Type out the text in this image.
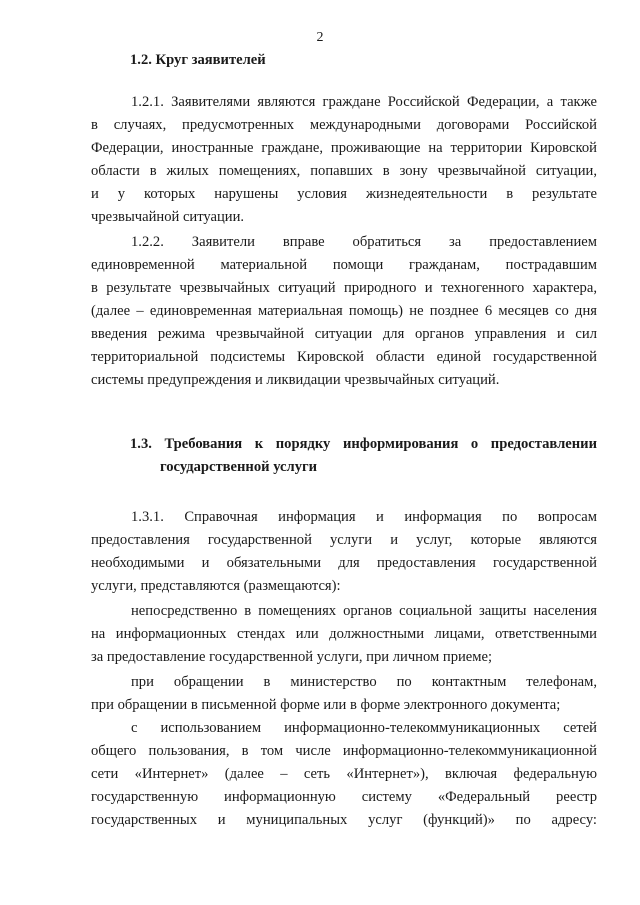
2
1.2. Круг заявителей
1.2.1. Заявителями являются граждане Российской Федерации, а также
в случаях, предусмотренных международными договорами Российской
Федерации, иностранные граждане, проживающие на территории Кировской
области в жилых помещениях, попавших в зону чрезвычайной ситуации,
и у которых нарушены условия жизнедеятельности в результате
чрезвычайной ситуации.
1.2.2. Заявители вправе обратиться за предоставлением
единовременной материальной помощи гражданам, пострадавшим
в результате чрезвычайных ситуаций природного и техногенного характера,
(далее – единовременная материальная помощь) не позднее 6 месяцев со дня
введения режима чрезвычайной ситуации для органов управления и сил
территориальной подсистемы Кировской области единой государственной
системы предупреждения и ликвидации чрезвычайных ситуаций.
1.3. Требования к порядку информирования о предоставлении
государственной услуги
1.3.1. Справочная информация и информация по вопросам
предоставления государственной услуги и услуг, которые являются
необходимыми и обязательными для предоставления государственной
услуги, представляются (размещаются):
непосредственно в помещениях органов социальной защиты населения
на информационных стендах или должностными лицами, ответственными
за предоставление государственной услуги, при личном приеме;
при обращении в министерство по контактным телефонам,
при обращении в письменной форме или в форме электронного документа;
с использованием информационно-телекоммуникационных сетей
общего пользования, в том числе информационно-телекоммуникационной
сети «Интернет» (далее – сеть «Интернет»), включая федеральную
государственную информационную систему «Федеральный реестр
государственных и муниципальных услуг (функций)» по адресу:
